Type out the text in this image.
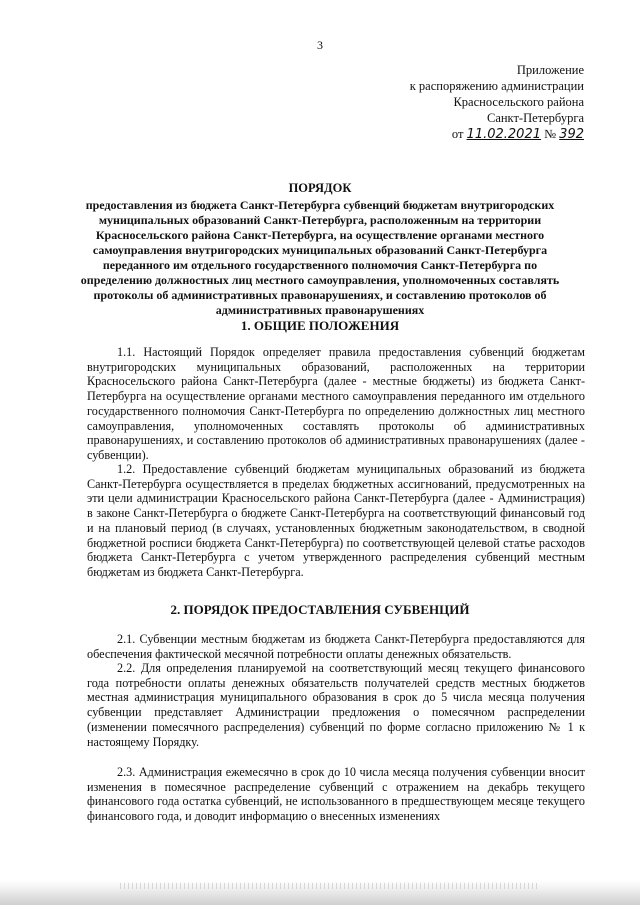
3
Приложение
к распоряжению администрации
Красносельского района
Санкт-Петербурга
от 11.02.2021 № 392
ПОРЯДОК
предоставления из бюджета Санкт-Петербурга субвенций бюджетам внутригородских муниципальных образований Санкт-Петербурга, расположенным на территории Красносельского района Санкт-Петербурга, на осуществление органами местного самоуправления внутригородских муниципальных образований Санкт-Петербурга переданного им отдельного государственного полномочия Санкт-Петербурга по определению должностных лиц местного самоуправления, уполномоченных составлять протоколы об административных правонарушениях, и составлению протоколов об административных правонарушениях
1. ОБЩИЕ ПОЛОЖЕНИЯ
1.1. Настоящий Порядок определяет правила предоставления субвенций бюджетам внутригородских муниципальных образований, расположенных на территории Красносельского района Санкт-Петербурга (далее - местные бюджеты) из бюджета Санкт-Петербурга на осуществление органами местного самоуправления переданного им отдельного государственного полномочия Санкт-Петербурга по определению должностных лиц местного самоуправления, уполномоченных составлять протоколы об административных правонарушениях, и составлению протоколов об административных правонарушениях (далее - субвенции).
1.2. Предоставление субвенций бюджетам муниципальных образований из бюджета Санкт-Петербурга осуществляется в пределах бюджетных ассигнований, предусмотренных на эти цели администрации Красносельского района Санкт-Петербурга (далее - Администрация) в законе Санкт-Петербурга о бюджете Санкт-Петербурга на соответствующий финансовый год и на плановый период (в случаях, установленных бюджетным законодательством, в сводной бюджетной росписи бюджета Санкт-Петербурга) по соответствующей целевой статье расходов бюджета Санкт-Петербурга с учетом утвержденного распределения субвенций местным бюджетам из бюджета Санкт-Петербурга.
2. ПОРЯДОК ПРЕДОСТАВЛЕНИЯ СУБВЕНЦИЙ
2.1. Субвенции местным бюджетам из бюджета Санкт-Петербурга предоставляются для обеспечения фактической месячной потребности оплаты денежных обязательств.
2.2. Для определения планируемой на соответствующий месяц текущего финансового года потребности оплаты денежных обязательств получателей средств местных бюджетов местная администрация муниципального образования в срок до 5 числа месяца получения субвенции представляет Администрации предложения о помесячном распределении (изменении помесячного распределения) субвенций по форме согласно приложению № 1 к настоящему Порядку.
2.3. Администрация ежемесячно в срок до 10 числа месяца получения субвенции вносит изменения в помесячное распределение субвенций с отражением на декабрь текущего финансового года остатка субвенций, не использованного в предшествующем месяце текущего финансового года, и доводит информацию о внесенных изменениях
